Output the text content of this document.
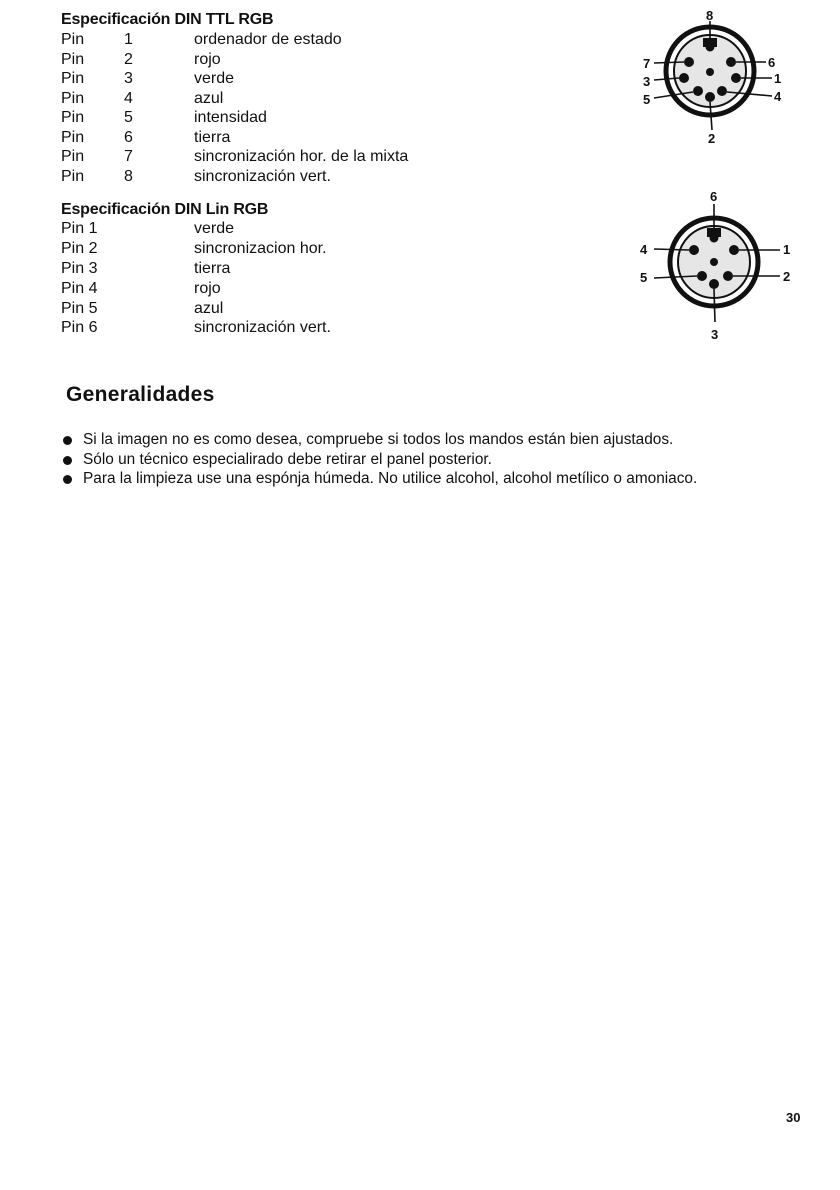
Especificación DIN TTL RGB
Pin 1	ordenador de estado
Pin 2	rojo
Pin 3	verde
Pin 4	azul
Pin 5	intensidad
Pin 6	tierra
Pin 7	sincronización hor. de la mixta
Pin 8	sincronización vert.
8
7
3
5
6
1
4
2
Especificación DIN Lin RGB
Pin 1	verde
Pin 2	sincronizacion hor.
Pin 3	tierra
Pin 4	rojo
Pin 5	azul
Pin 6	sincronización vert.
6
4
5
1
2
3
Generalidades
Si la imagen no es como desea, compruebe si todos los mandos están bien ajustados.
Sólo un técnico especialirado debe retirar el panel posterior.
Para la limpieza use una espónja húmeda. No utilice alcohol, alcohol metílico o amoniaco.
30
